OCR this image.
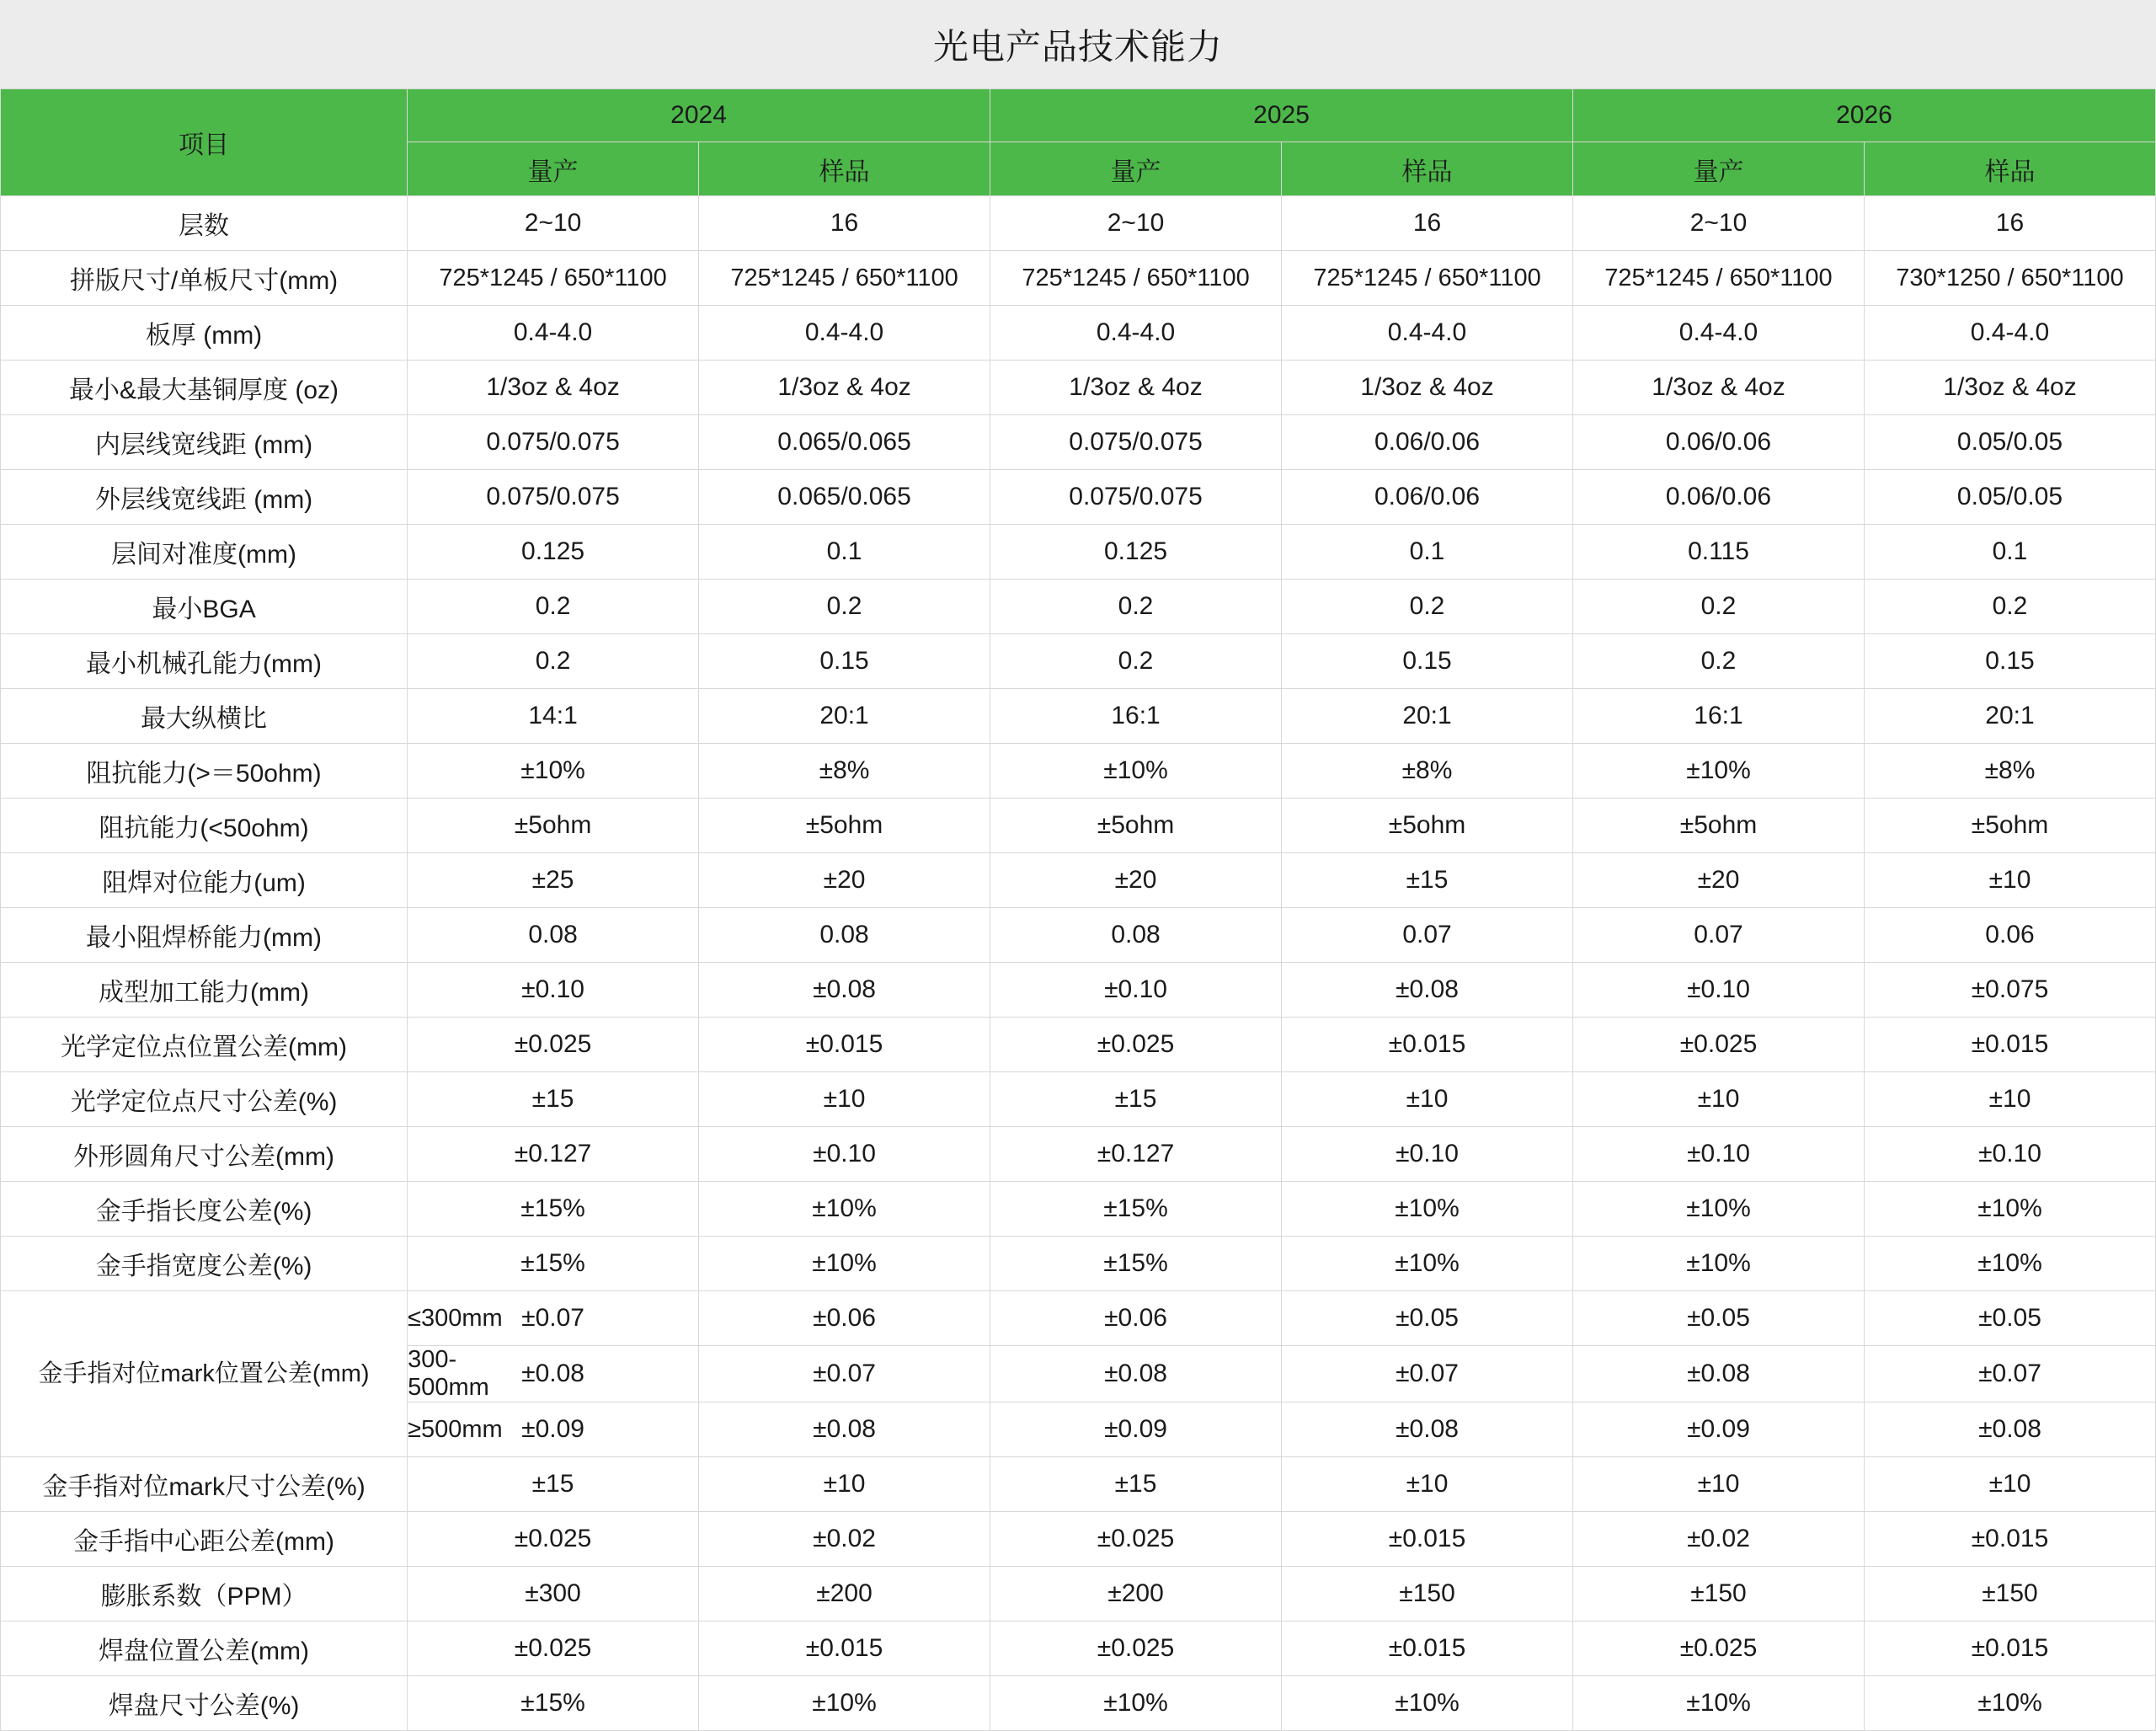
光电产品技术能力
项目	2024		2025		2026	
	量产	样品	量产	样品	量产	样品
层数	2~10	16	2~10	16	2~10	16
拼版尺寸/单板尺寸(mm)	725*1245 / 650*1100	725*1245 / 650*1100	725*1245 / 650*1100	725*1245 / 650*1100	725*1245 / 650*1100	730*1250 / 650*1100
板厚 (mm)	0.4-4.0	0.4-4.0	0.4-4.0	0.4-4.0	0.4-4.0	0.4-4.0
最小&最大基铜厚度 (oz)	1/3oz & 4oz	1/3oz & 4oz	1/3oz & 4oz	1/3oz & 4oz	1/3oz & 4oz	1/3oz & 4oz
内层线宽线距 (mm)	0.075/0.075	0.065/0.065	0.075/0.075	0.06/0.06	0.06/0.06	0.05/0.05
外层线宽线距 (mm)	0.075/0.075	0.065/0.065	0.075/0.075	0.06/0.06	0.06/0.06	0.05/0.05
层间对准度(mm)	0.125	0.1	0.125	0.1	0.115	0.1
最小BGA	0.2	0.2	0.2	0.2	0.2	0.2
最小机械孔能力(mm)	0.2	0.15	0.2	0.15	0.2	0.15
最大纵横比	14:1	20:1	16:1	20:1	16:1	20:1
阻抗能力(>＝50ohm)	±10%	±8%	±10%	±8%	±10%	±8%
阻抗能力(<50ohm)	±5ohm	±5ohm	±5ohm	±5ohm	±5ohm	±5ohm
阻焊对位能力(um)	±25	±20	±20	±15	±20	±10
最小阻焊桥能力(mm)	0.08	0.08	0.08	0.07	0.07	0.06
成型加工能力(mm)	±0.10	±0.08	±0.10	±0.08	±0.10	±0.075
光学定位点位置公差(mm)	±0.025	±0.015	±0.025	±0.015	±0.025	±0.015
光学定位点尺寸公差(%)	±15	±10	±15	±10	±10	±10
外形圆角尺寸公差(mm)	±0.127	±0.10	±0.127	±0.10	±0.10	±0.10
金手指长度公差(%)	±15%	±10%	±15%	±10%	±10%	±10%
金手指宽度公差(%)	±15%	±10%	±15%	±10%	±10%	±10%
金手指对位mark位置公差(mm)	≤300mm	±0.07	±0.06	±0.06	±0.05	±0.05	±0.05
	300-500mm	±0.08	±0.07	±0.08	±0.07	±0.08	±0.07
	≥500mm	±0.09	±0.08	±0.09	±0.08	±0.09	±0.08
金手指对位mark尺寸公差(%)	±15	±10	±15	±10	±10	±10
金手指中心距公差(mm)	±0.025	±0.02	±0.025	±0.015	±0.02	±0.015
膨胀系数（PPM）	±300	±200	±200	±150	±150	±150
焊盘位置公差(mm)	±0.025	±0.015	±0.025	±0.015	±0.025	±0.015
焊盘尺寸公差(%)	±15%	±10%	±10%	±10%	±10%	±10%
